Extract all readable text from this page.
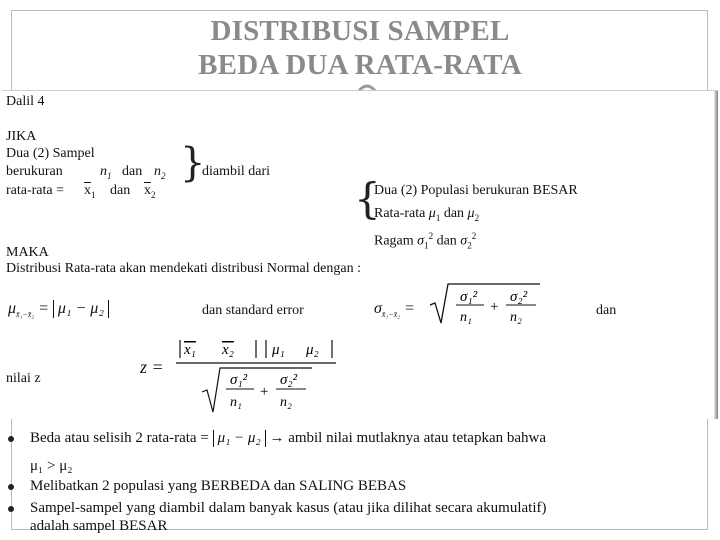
DISTRIBUSI SAMPEL
BEDA DUA RATA-RATA
Dalil 4
JIKA
Dua (2) Sampel
berukuran	$n_1$ dan $n_2$
rata-rata = $\overline{x}_1$ dan $\overline{x}_2$
}
diambil dari
{
Dua (2) Populasi berukuran BESAR
Rata-rata $\mu_1$ dan $\mu_2$
Ragam $\sigma_1^2$ dan $\sigma_2^2$
MAKA
Distribusi Rata-rata akan mendekati distribusi Normal dengan :
$\mu_{x̄_1-x̄_2} = \mu_1 - \mu_2$	dan standard error	$\sigma_{x̄_1-x̄_2}$ =
σ₁²
n₁
+
σ₂²
n₂	dan
nilai z
z =
x₁ x₂	μ₁ μ₂
σ₁²
n₁
+
σ₂²
n₂
Beda atau selisih 2 rata-rata = μ₁ − μ₂ → ambil nilai mutlaknya atau tetapkan bahwa
μ₁ > μ₂
Melibatkan 2 populasi yang BERBEDA dan SALING BEBAS
Sampel-sampel yang diambil dalam banyak kasus (atau jika dilihat secara akumulatif)
adalah sampel BESAR
